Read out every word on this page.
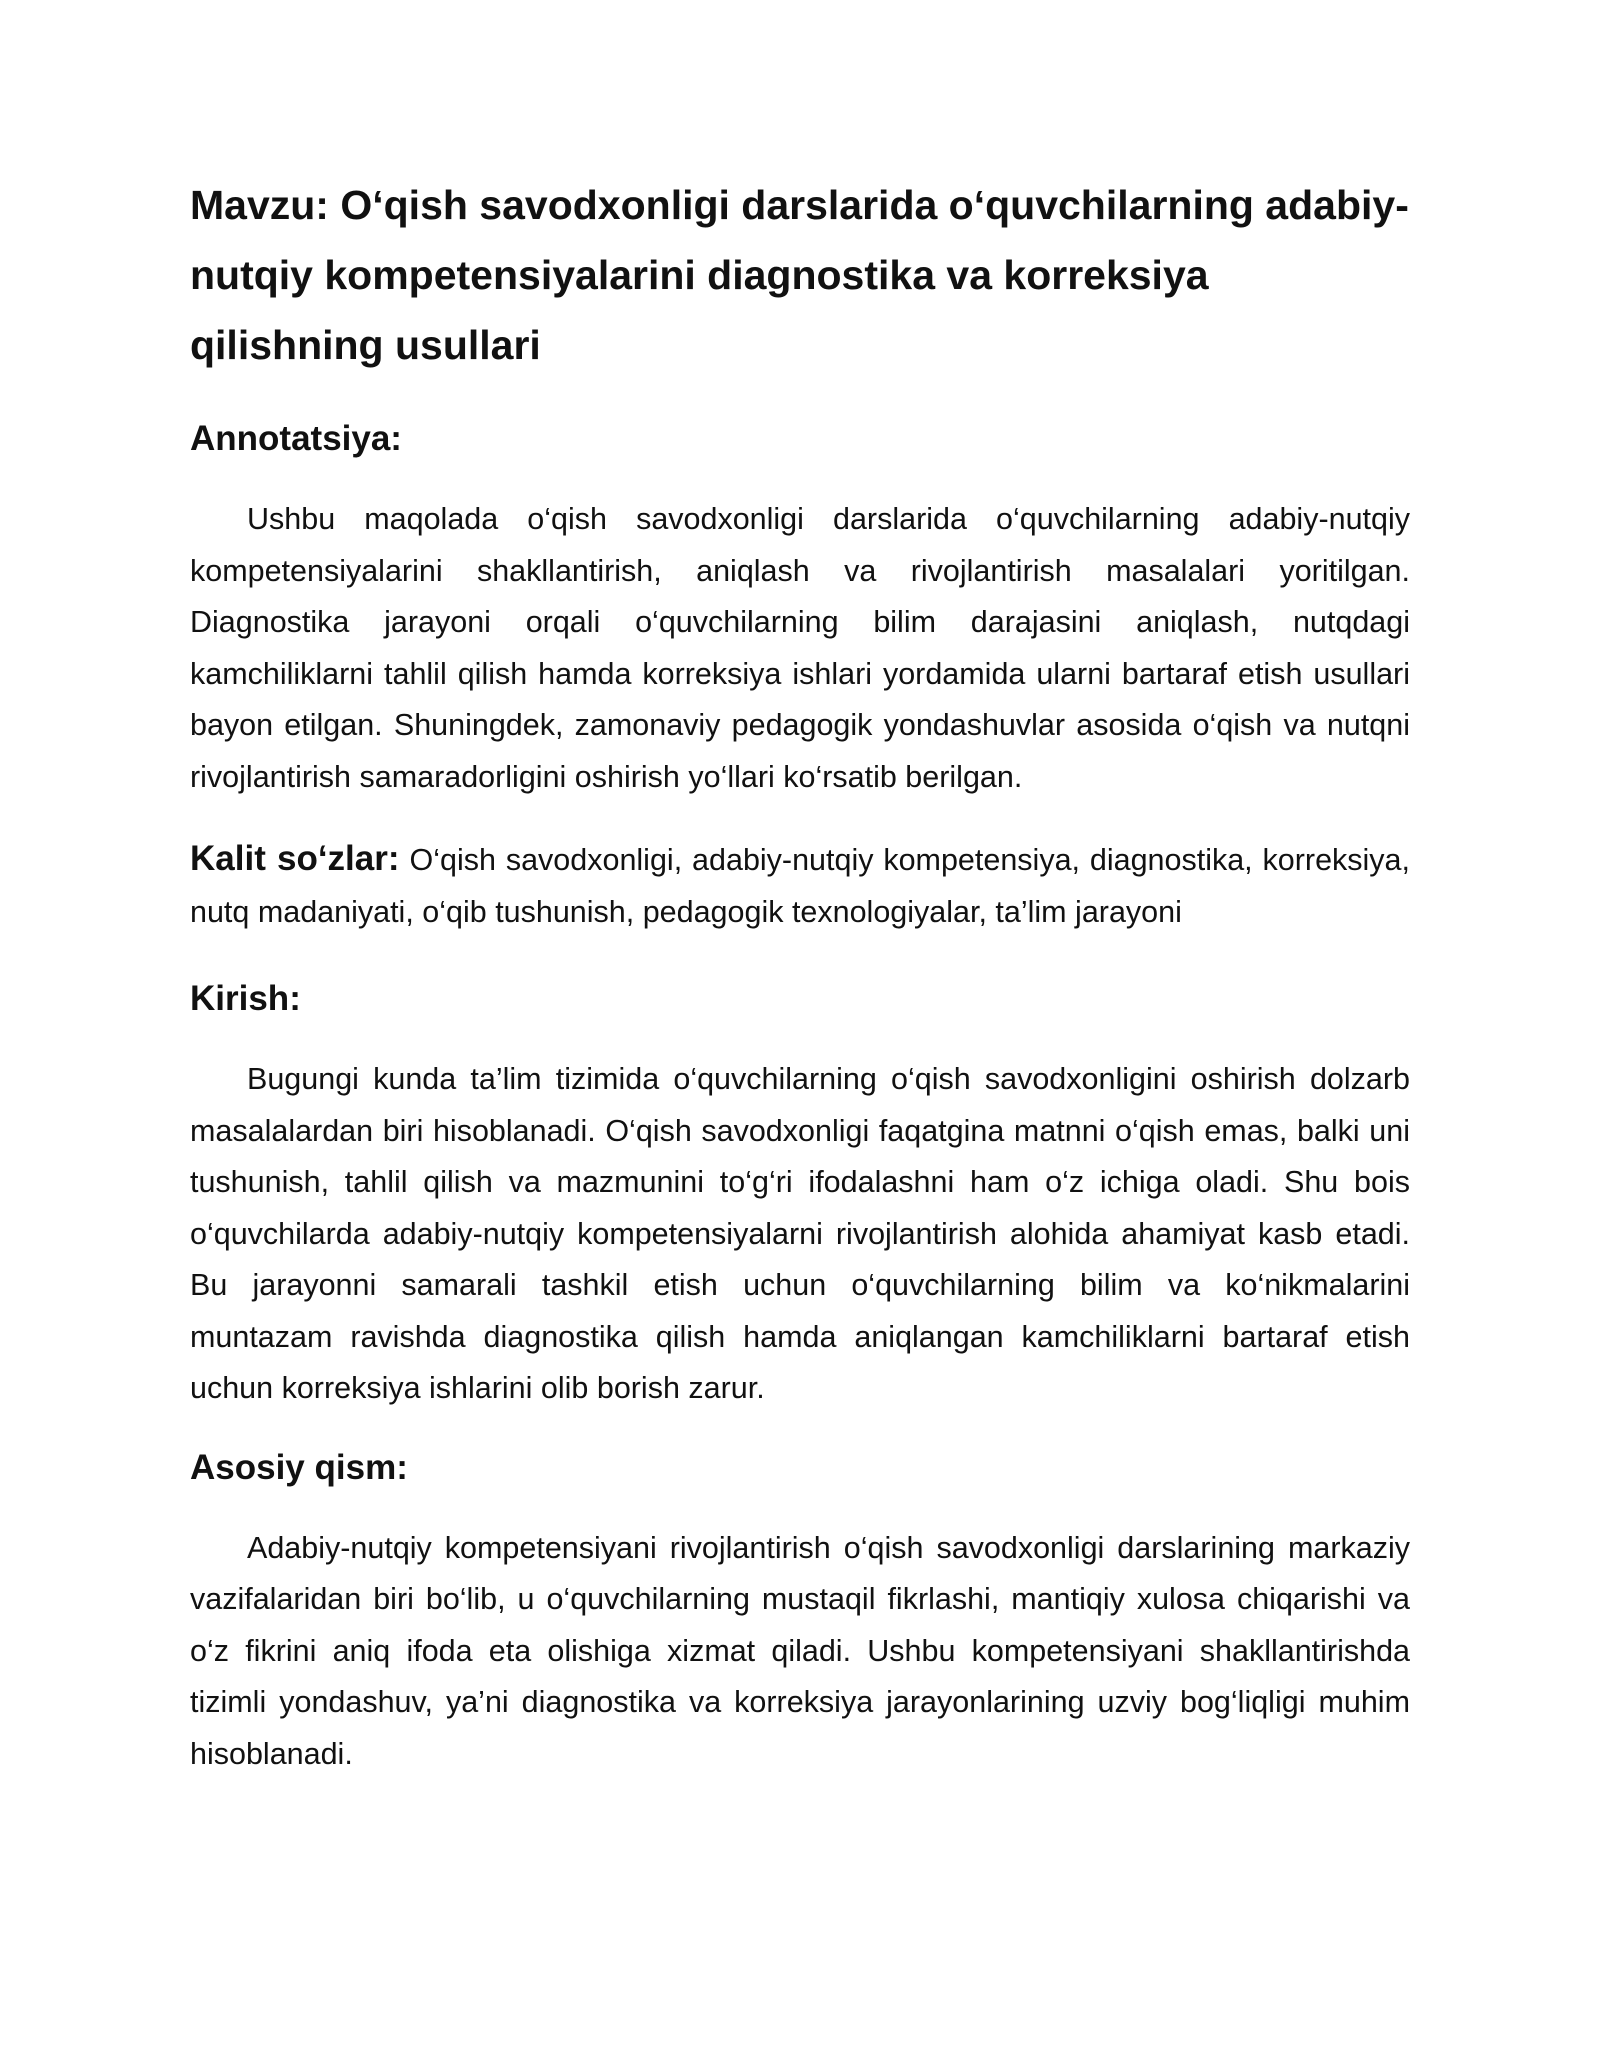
Mavzu: O‘qish savodxonligi darslarida o‘quvchilarning adabiy-nutqiy kompetensiyalarini diagnostika va korreksiya qilishning usullari
Annotatsiya:

Ushbu maqolada o‘qish savodxonligi darslarida o‘quvchilarning adabiy-nutqiy kompetensiyalarini shakllantirish, aniqlash va rivojlantirish masalalari yoritilgan. Diagnostika jarayoni orqali o‘quvchilarning bilim darajasini aniqlash, nutqdagi kamchiliklarni tahlil qilish hamda korreksiya ishlari yordamida ularni bartaraf etish usullari bayon etilgan. Shuningdek, zamonaviy pedagogik yondashuvlar asosida o‘qish va nutqni rivojlantirish samaradorligini oshirish yo‘llari ko‘rsatib berilgan.

Kalit so‘zlar: O‘qish savodxonligi, adabiy-nutqiy kompetensiya, diagnostika, korreksiya, nutq madaniyati, o‘qib tushunish, pedagogik texnologiyalar, ta’lim jarayoni

Kirish:

Bugungi kunda ta’lim tizimida o‘quvchilarning o‘qish savodxonligini oshirish dolzarb masalalardan biri hisoblanadi. O‘qish savodxonligi faqatgina matnni o‘qish emas, balki uni tushunish, tahlil qilish va mazmunini to‘g‘ri ifodalashni ham o‘z ichiga oladi. Shu bois o‘quvchilarda adabiy-nutqiy kompetensiyalarni rivojlantirish alohida ahamiyat kasb etadi. Bu jarayonni samarali tashkil etish uchun o‘quvchilarning bilim va ko‘nikmalarini muntazam ravishda diagnostika qilish hamda aniqlangan kamchiliklarni bartaraf etish uchun korreksiya ishlarini olib borish zarur.

Asosiy qism:

Adabiy-nutqiy kompetensiyani rivojlantirish o‘qish savodxonligi darslarining markaziy vazifalaridan biri bo‘lib, u o‘quvchilarning mustaqil fikrlashi, mantiqiy xulosa chiqarishi va o‘z fikrini aniq ifoda eta olishiga xizmat qiladi. Ushbu kompetensiyani shakllantirishda tizimli yondashuv, ya’ni diagnostika va korreksiya jarayonlarining uzviy bog‘liqligi muhim hisoblanadi.
